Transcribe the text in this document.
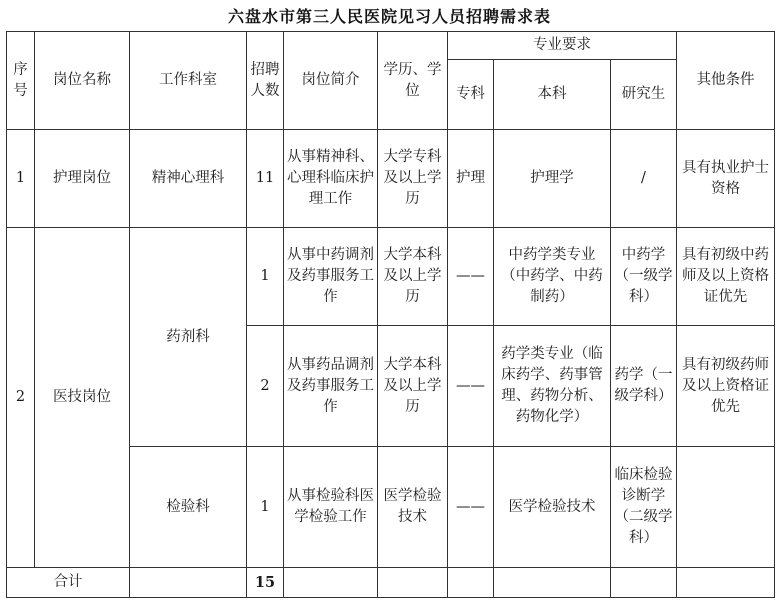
六盘水市第三人民医院见习人员招聘需求表
序号	岗位名称	工作科室	招聘人数	岗位简介	学历、学位	专业要求			其他条件
						专科	本科	研究生	
1	护理岗位	精神心理科	11	从事精神科、心理科临床护理工作	大学专科及以上学历	护理	护理学	/	具有执业护士资格
2	医技岗位	药剂科	1	从事中药调剂及药事服务工作	大学本科及以上学历	——	中药学类专业（中药学、中药制药）	中药学（一级学科）	具有初级中药师及以上资格证优先
			2	从事药品调剂及药事服务工作	大学本科及以上学历	——	药学类专业（临床药学、药事管理、药物分析、药物化学）	药学（一级学科）	具有初级药师及以上资格证优先
		检验科	1	从事检验科医学检验工作	医学检验技术	——	医学检验技术	临床检验诊断学（二级学科）	
合计			15						
